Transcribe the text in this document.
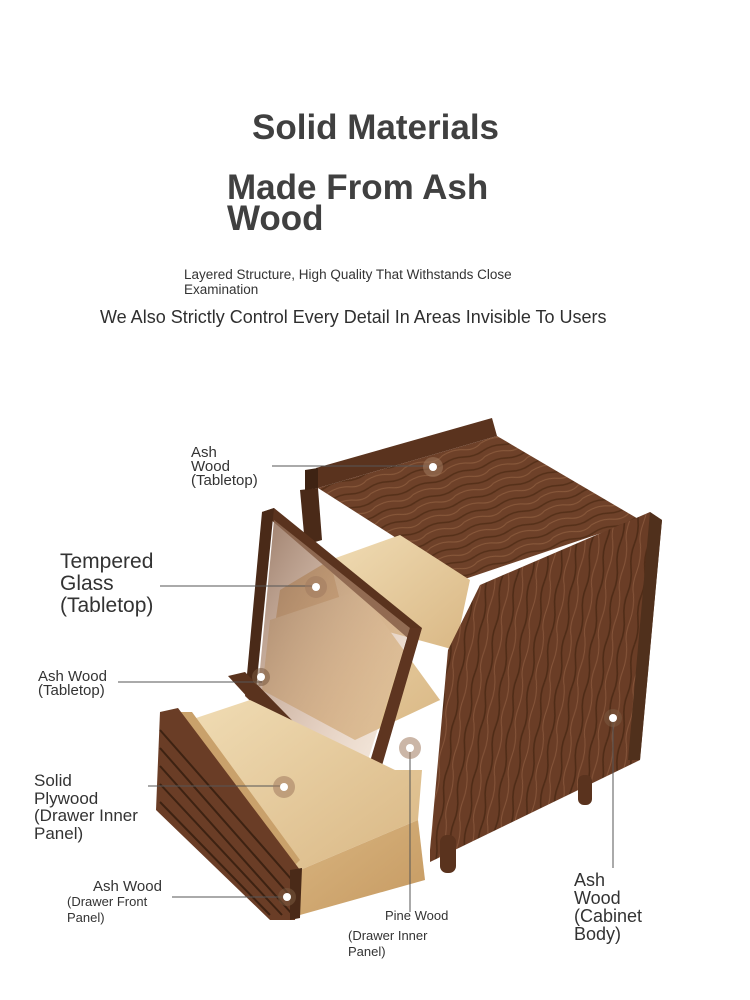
Solid Materials
Made From Ash
Wood
Layered Structure, High Quality That Withstands Close
Examination
We Also Strictly Control Every Detail In Areas Invisible To Users
Ash
Wood
(Tabletop)
Tempered
Glass
(Tabletop)
Ash Wood
(Tabletop)
Solid
Plywood
(Drawer Inner
Panel)
Ash Wood
(Drawer Front
Panel)	Pine Wood
(Drawer Inner
Panel)
Ash
Wood
(Cabinet
Body)
